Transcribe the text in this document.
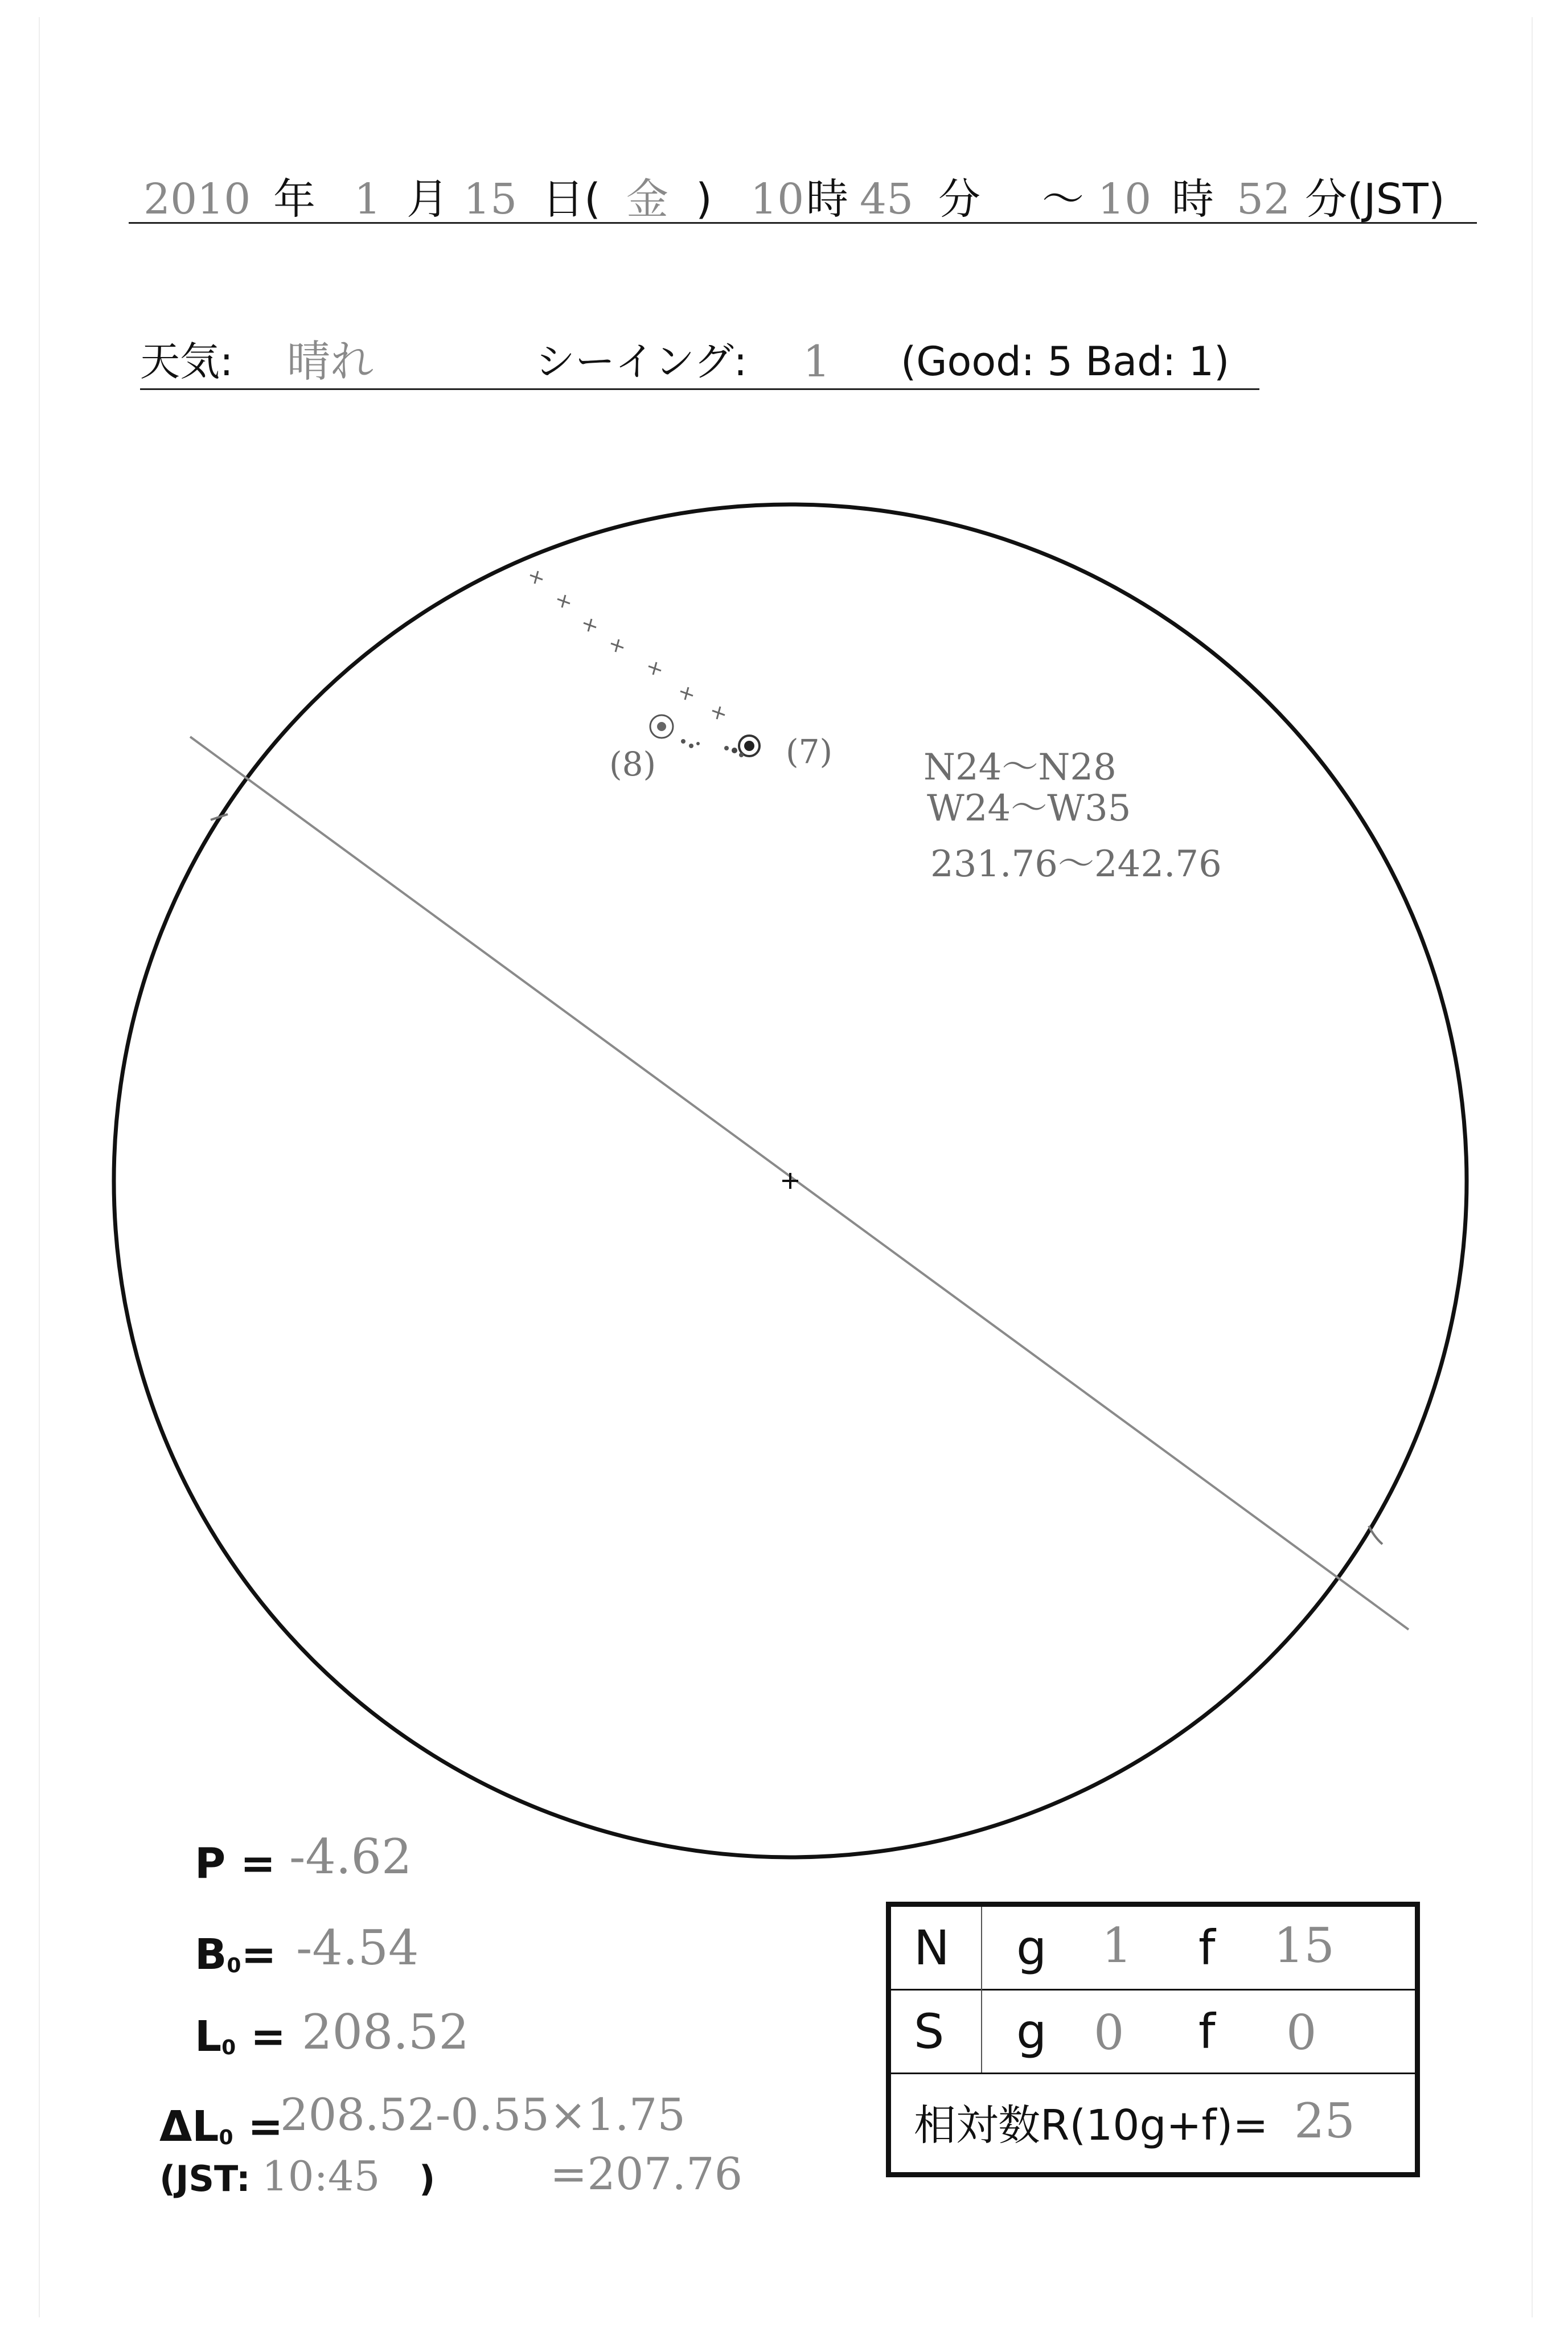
2010 年 1 月 15 日( 金 ) 10 時 45 分 〜 10 時 52 分(JST)
天気: 晴れ	シーイング: 1 (Good: 5 Bad: 1)
(8)	(7) N24〜N28
W24〜W35
231.76〜242.76
P = -4.62
B0= -4.54
L0 = 208.52
ΔL0 =
208.52-0.55×1.75
(JST: 10:45 )	=207.76
N g 1 f 15
S g 0 f 0
相対数R(10g+f)= 25
